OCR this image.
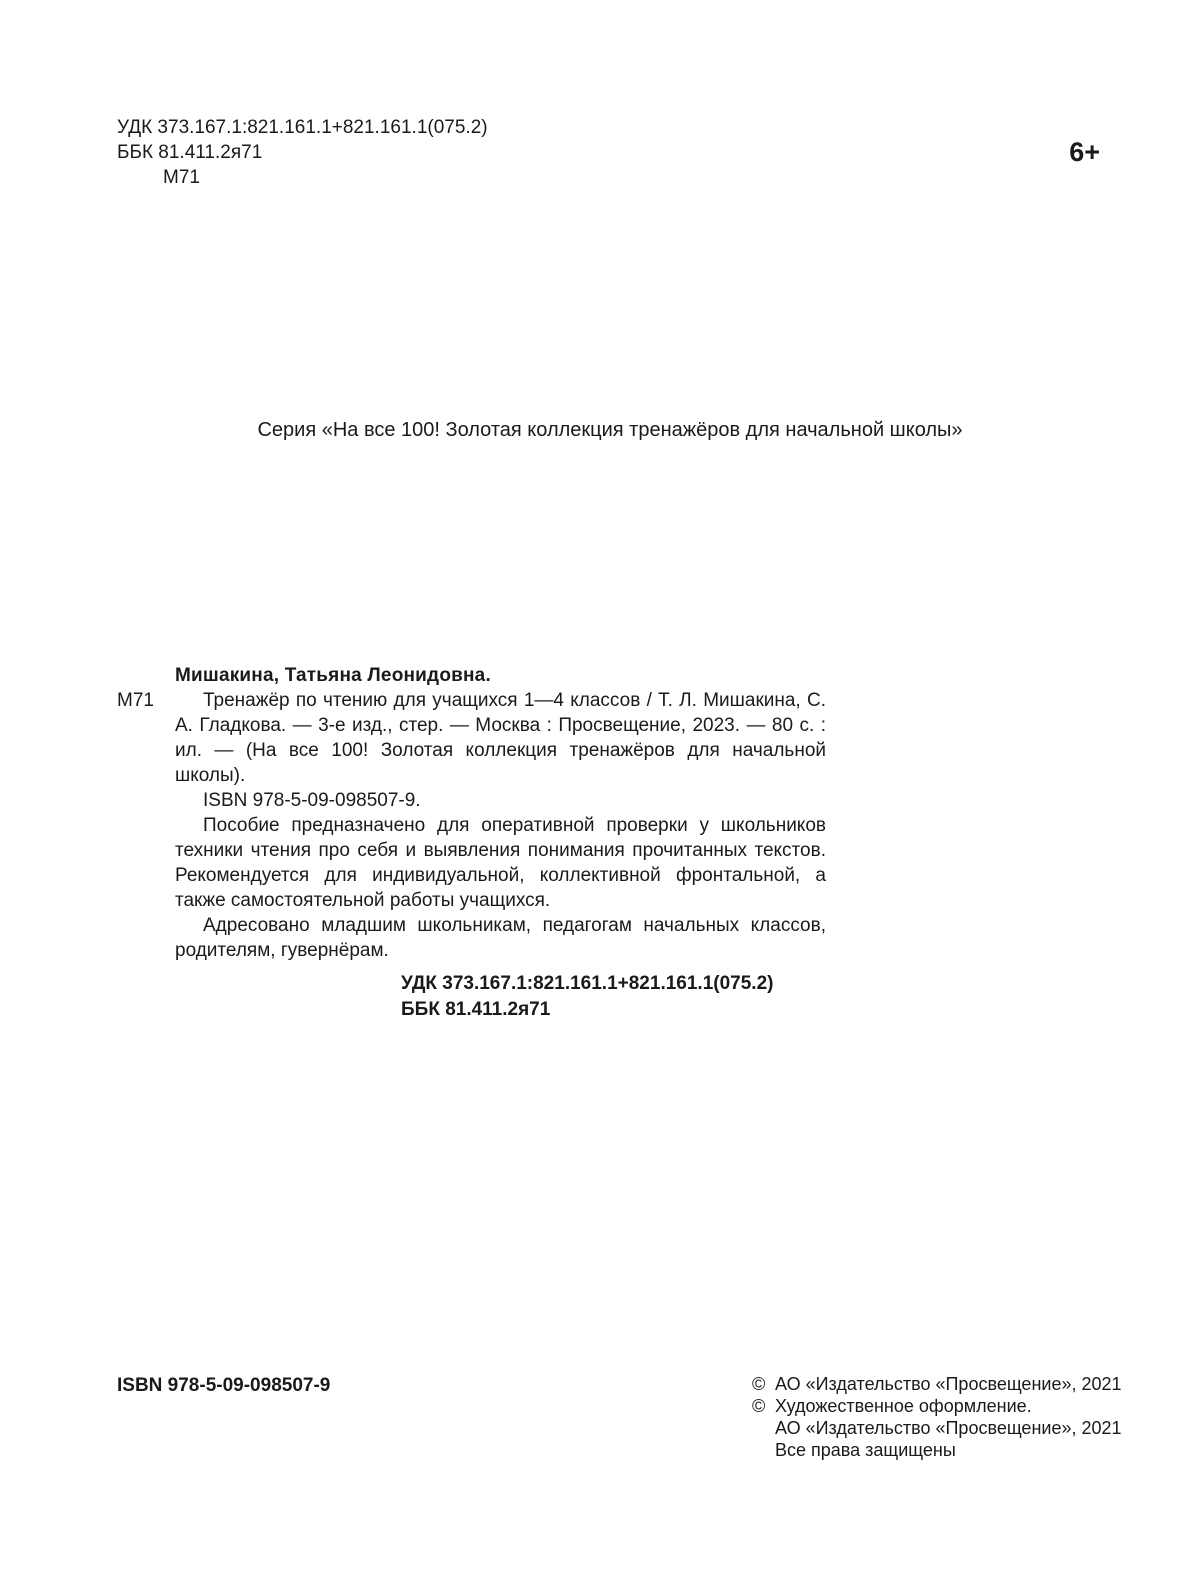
УДК 373.167.1:821.161.1+821.161.1(075.2)
ББК 81.411.2я71
М71
6+
Серия «На все 100! Золотая коллекция тренажёров для начальной школы»

Мишакина, Татьяна Леонидовна.

М71	Тренажёр по чтению для учащихся 1—4 классов / Т. Л. Мишакина, С. А. Гладкова. — 3-е изд., стер. — Москва : Просвещение, 2023. — 80 с. : ил. — (На все 100! Золотая коллекция тренажёров для начальной школы).

ISBN 978-5-09-098507-9.

Пособие предназначено для оперативной проверки у школьников техники чтения про себя и выявления понимания прочитанных текстов. Рекомендуется для индивидуальной, коллективной фронтальной, а также самостоятельной работы учащихся.

Адресовано младшим школьникам, педагогам начальных классов, родителям, гувернёрам.

УДК 373.167.1:821.161.1+821.161.1(075.2)
ББК 81.411.2я71
ISBN 978-5-09-098507-9	© АО «Издательство «Просвещение», 2021
© Художественное оформление.
АО «Издательство «Просвещение», 2021
Все права защищены
